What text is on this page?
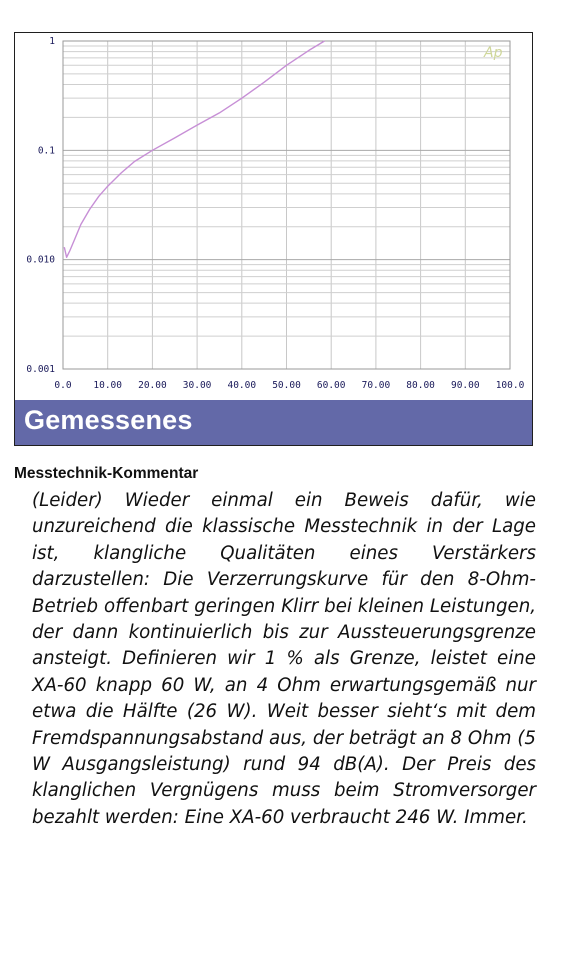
1
0.1
0.010
0.001
0.0 10.00 20.00 30.00 40.00 50.00 60.00 70.00 80.00 90.00 100.0
Ap
Gemessenes
Messtechnik-Kommentar

(Leider) Wieder einmal ein Beweis dafür, wie unzureichend die klassische Messtechnik in der Lage ist, klangliche Qualitäten eines Verstärkers darzustellen: Die Verzerrungskurve für den 8-Ohm-Betrieb offenbart geringen Klirr bei kleinen Leistungen, der dann kontinuierlich bis zur Aussteuerungsgrenze ansteigt. Definieren wir 1 % als Grenze, leistet eine XA-60 knapp 60 W, an 4 Ohm erwartungsgemäß nur etwa die Hälfte (26 W). Weit besser sieht‘s mit dem Fremdspannungsabstand aus, der beträgt an 8 Ohm (5 W Ausgangsleistung) rund 94 dB(A). Der Preis des klanglichen Vergnügens muss beim Stromversorger bezahlt werden: Eine XA-60 verbraucht 246 W. Immer.
